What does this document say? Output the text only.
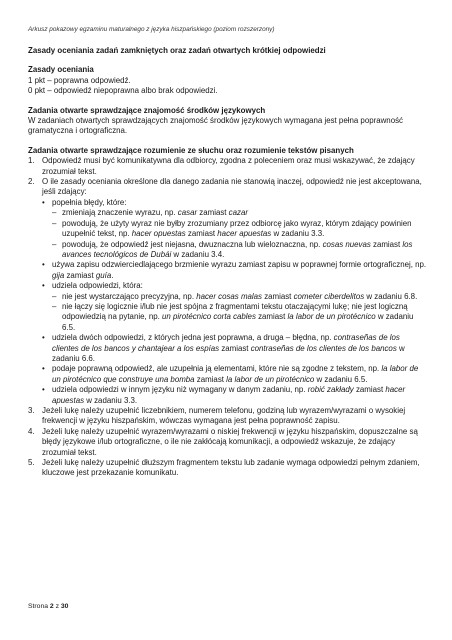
Arkusz pokazowy egzaminu maturalnego z języka hiszpańskiego (poziom rozszerzony)

Zasady oceniania zadań zamkniętych oraz zadań otwartych krótkiej odpowiedzi

Zasady oceniania

1 pkt – poprawna odpowiedź.

0 pkt – odpowiedź niepoprawna albo brak odpowiedzi.

Zadania otwarte sprawdzające znajomość środków językowych

W zadaniach otwartych sprawdzających znajomość środków językowych wymagana jest pełna poprawność gramatyczna i ortograficzna.

Zadania otwarte sprawdzające rozumienie ze słuchu oraz rozumienie tekstów pisanych

1. Odpowiedź musi być komunikatywna dla odbiorcy, zgodna z poleceniem oraz musi wskazywać, że zdający zrozumiał tekst.
2. O ile zasady oceniania określone dla danego zadania nie stanowią inaczej, odpowiedź nie jest akceptowana, jeśli zdający:
• popełnia błędy, które:
– zmieniają znaczenie wyrazu, np. casar zamiast cazar
– powodują, że użyty wyraz nie byłby zrozumiany przez odbiorcę jako wyraz, którym zdający powinien uzupełnić tekst, np. hacer opuestas zamiast hacer apuestas w zadaniu 3.3.
– powodują, że odpowiedź jest niejasna, dwuznaczna lub wieloznaczna, np. cosas nuevas zamiast los avances tecnológicos de Dubái w zadaniu 3.4.
• używa zapisu odzwierciedlającego brzmienie wyrazu zamiast zapisu w poprawnej formie ortograficznej, np. gija zamiast guía.
• udziela odpowiedzi, która:
– nie jest wystarczająco precyzyjna, np. hacer cosas malas zamiast cometer ciberdelitos w zadaniu 6.8.
– nie łączy się logicznie i/lub nie jest spójna z fragmentami tekstu otaczającymi lukę; nie jest logiczną odpowiedzią na pytanie, np. un pirotécnico corta cables zamiast la labor de un pirotécnico w zadaniu 6.5.
• udziela dwóch odpowiedzi, z których jedna jest poprawna, a druga – błędna, np. contraseñas de los clientes de los bancos y chantajear a los espías zamiast contraseñas de los clientes de los bancos w zadaniu 6.6.
• podaje poprawną odpowiedź, ale uzupełnia ją elementami, które nie są zgodne z tekstem, np. la labor de un pirotécnico que construye una bomba zamiast la labor de un pirotécnico w zadaniu 6.5.
• udziela odpowiedzi w innym języku niż wymagany w danym zadaniu, np. robić zakłady zamiast hacer apuestas w zadaniu 3.3.
3. Jeżeli lukę należy uzupełnić liczebnikiem, numerem telefonu, godziną lub wyrazem/wyrazami o wysokiej frekwencji w języku hiszpańskim, wówczas wymagana jest pełna poprawność zapisu.
4. Jeżeli lukę należy uzupełnić wyrazem/wyrazami o niskiej frekwencji w języku hiszpańskim, dopuszczalne są błędy językowe i/lub ortograficzne, o ile nie zakłócają komunikacji, a odpowiedź wskazuje, że zdający zrozumiał tekst.
5. Jeżeli lukę należy uzupełnić dłuższym fragmentem tekstu lub zadanie wymaga odpowiedzi pełnym zdaniem, kluczowe jest przekazanie komunikatu.
Strona 2 z 30
